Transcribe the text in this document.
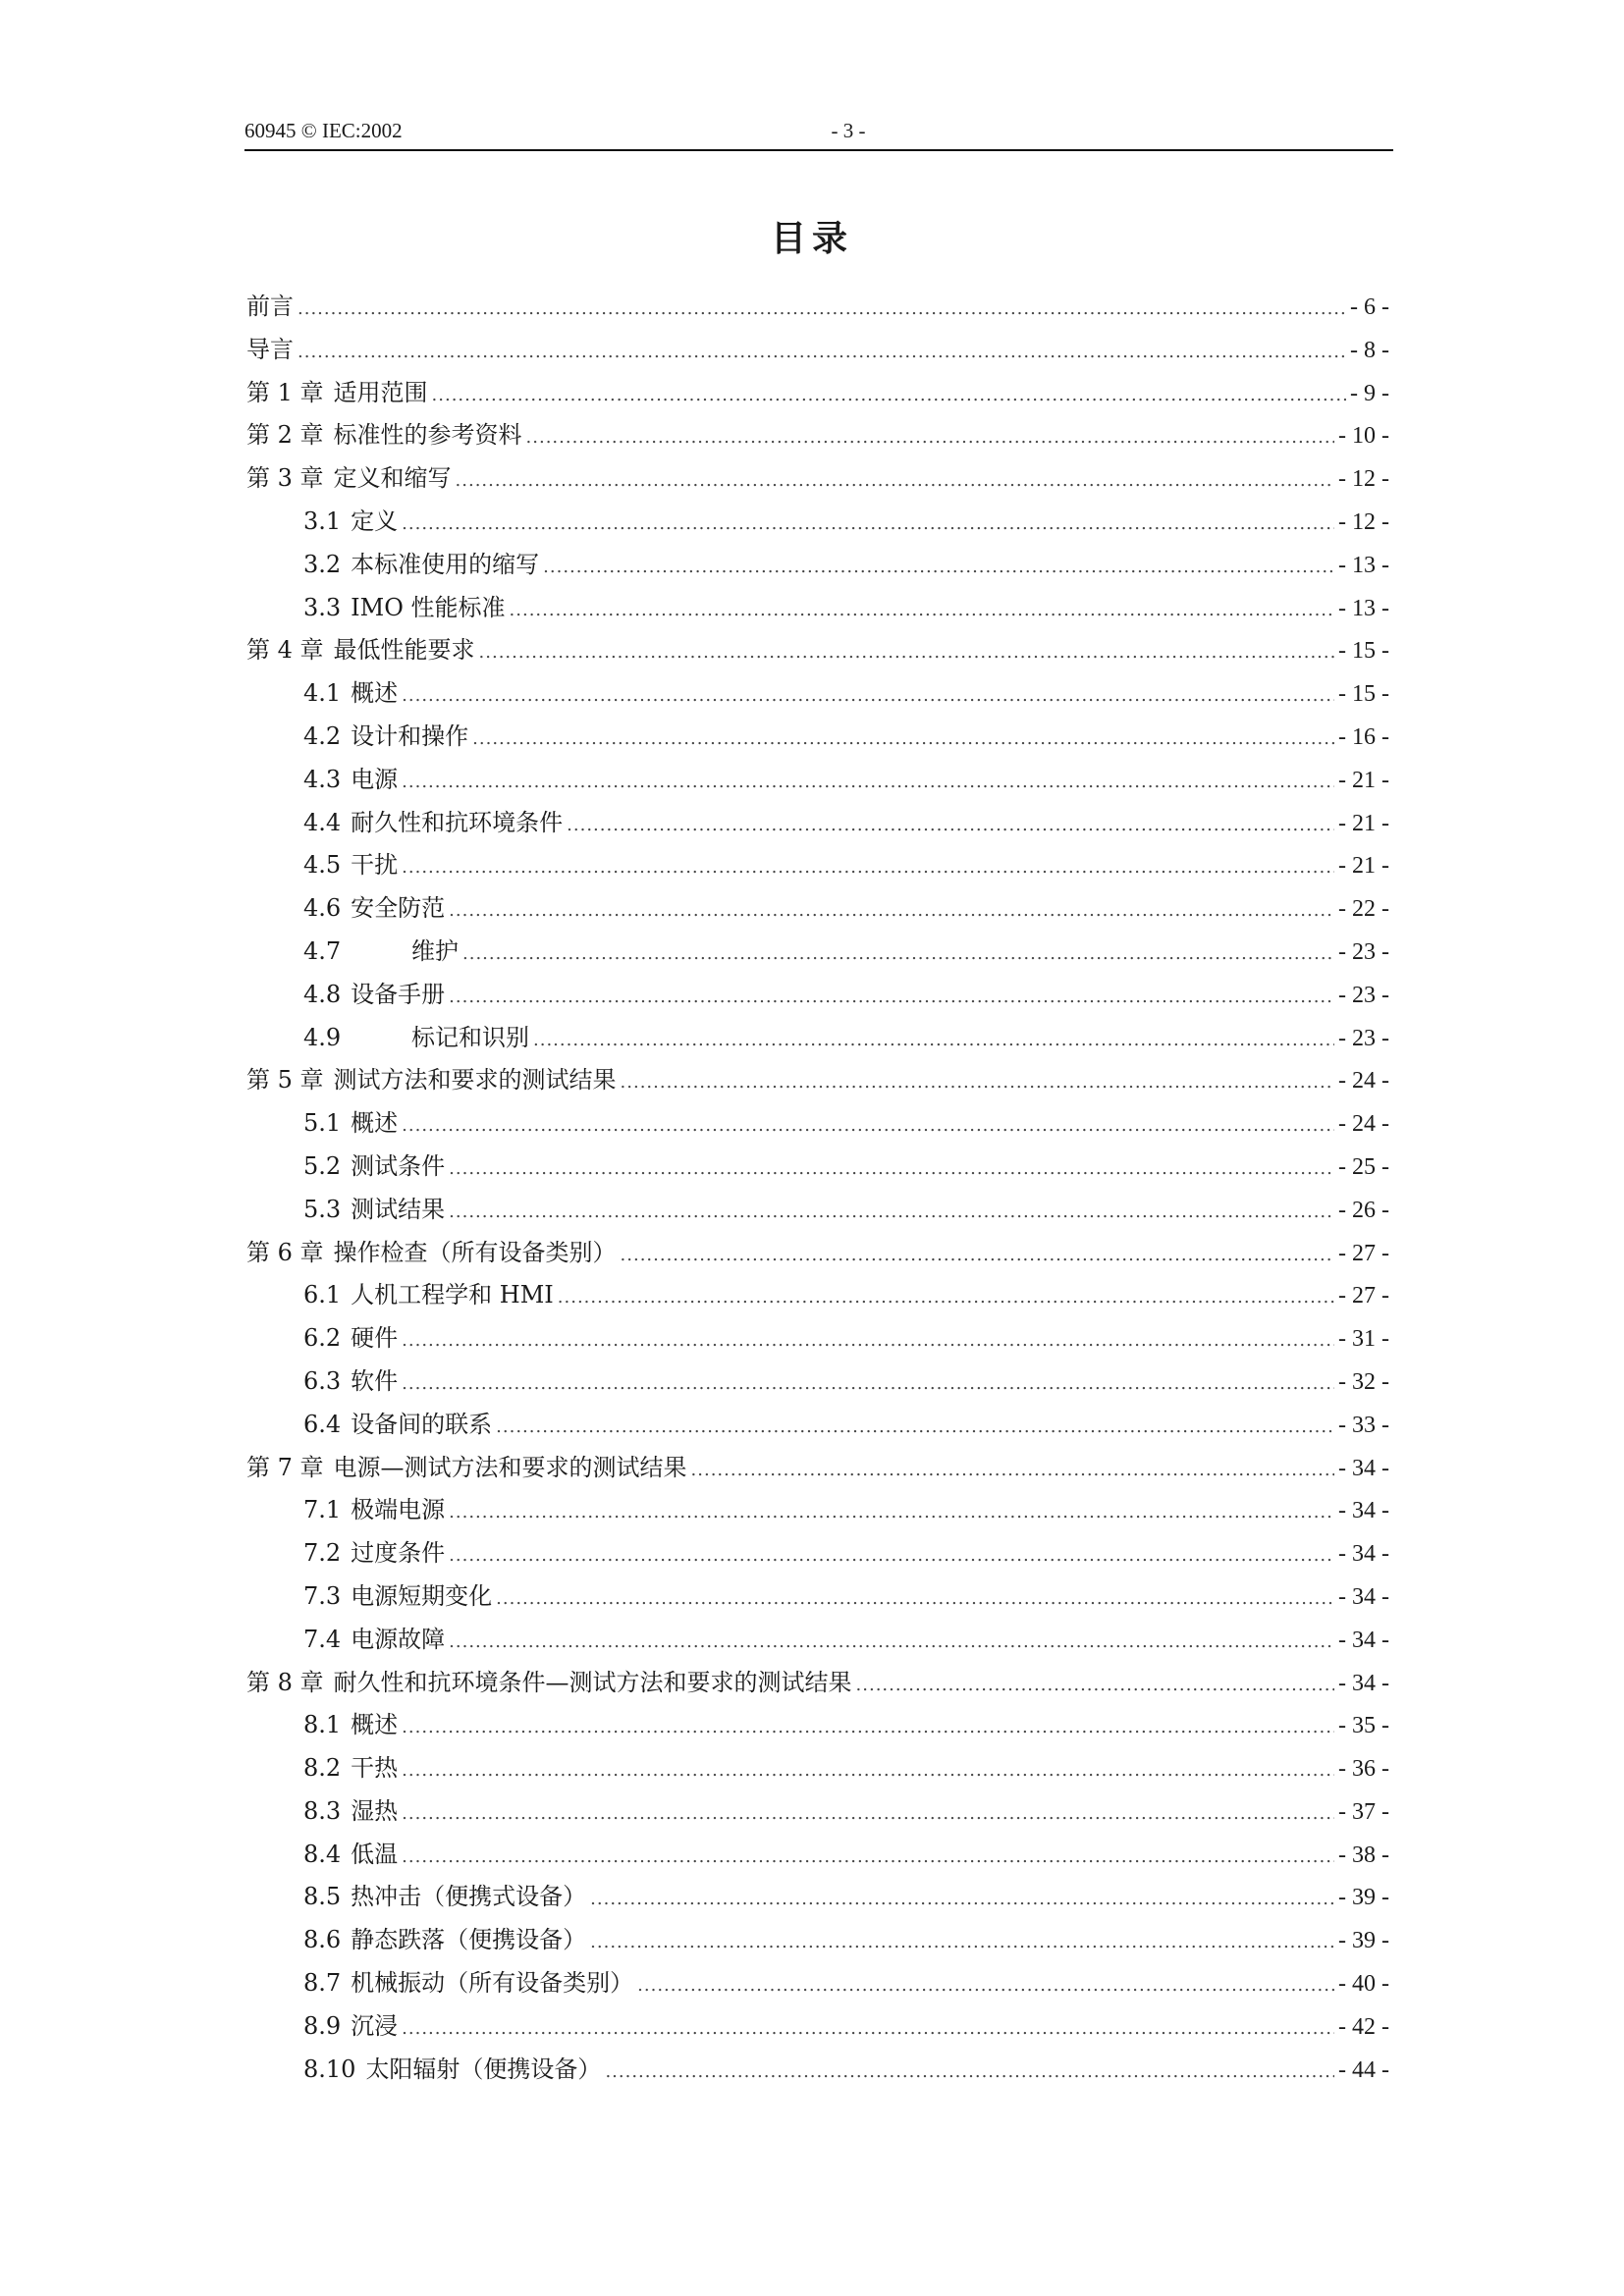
60945 © IEC:2002	- 3 -
目录
前言 .....	- 6 -
导言 .....	- 8 -
第 1 章 适用范围 .....	- 9 -
第 2 章 标准性的参考资料 .....	- 10 -
第 3 章 定义和缩写 .....	- 12 -
3.1 定义 .....	- 12 -
3.2 本标准使用的缩写 .....	- 13 -
3.3 IMO 性能标准 .....	- 13 -
第 4 章 最低性能要求 .....	- 15 -
4.1 概述 .....	- 15 -
4.2 设计和操作 .....	- 16 -
4.3 电源 .....	- 21 -
4.4 耐久性和抗环境条件 .....	- 21 -
4.5 干扰 .....	- 21 -
4.6 安全防范 .....	- 22 -
4.7	维护 .....	- 23 -
4.8 设备手册 .....	- 23 -
4.9	标记和识别 .....	- 23 -
第 5 章 测试方法和要求的测试结果 .....	- 24 -
5.1 概述 .....	- 24 -
5.2 测试条件 .....	- 25 -
5.3 测试结果 .....	- 26 -
第 6 章 操作检查（所有设备类别） .....	- 27 -
6.1 人机工程学和 HMI .....	- 27 -
6.2 硬件 .....	- 31 -
6.3 软件 .....	- 32 -
6.4 设备间的联系 .....	- 33 -
第 7 章 电源—测试方法和要求的测试结果 .....	- 34 -
7.1 极端电源 .....	- 34 -
7.2 过度条件 .....	- 34 -
7.3 电源短期变化 .....	- 34 -
7.4 电源故障 .....	- 34 -
第 8 章 耐久性和抗环境条件—测试方法和要求的测试结果 .....	- 34 -
8.1 概述 .....	- 35 -
8.2 干热 .....	- 36 -
8.3 湿热 .....	- 37 -
8.4 低温 .....	- 38 -
8.5 热冲击（便携式设备） .....	- 39 -
8.6 静态跌落（便携设备） .....	- 39 -
8.7 机械振动（所有设备类别） .....	- 40 -
8.9 沉浸 .....	- 42 -
8.10 太阳辐射（便携设备） .....	- 44 -
